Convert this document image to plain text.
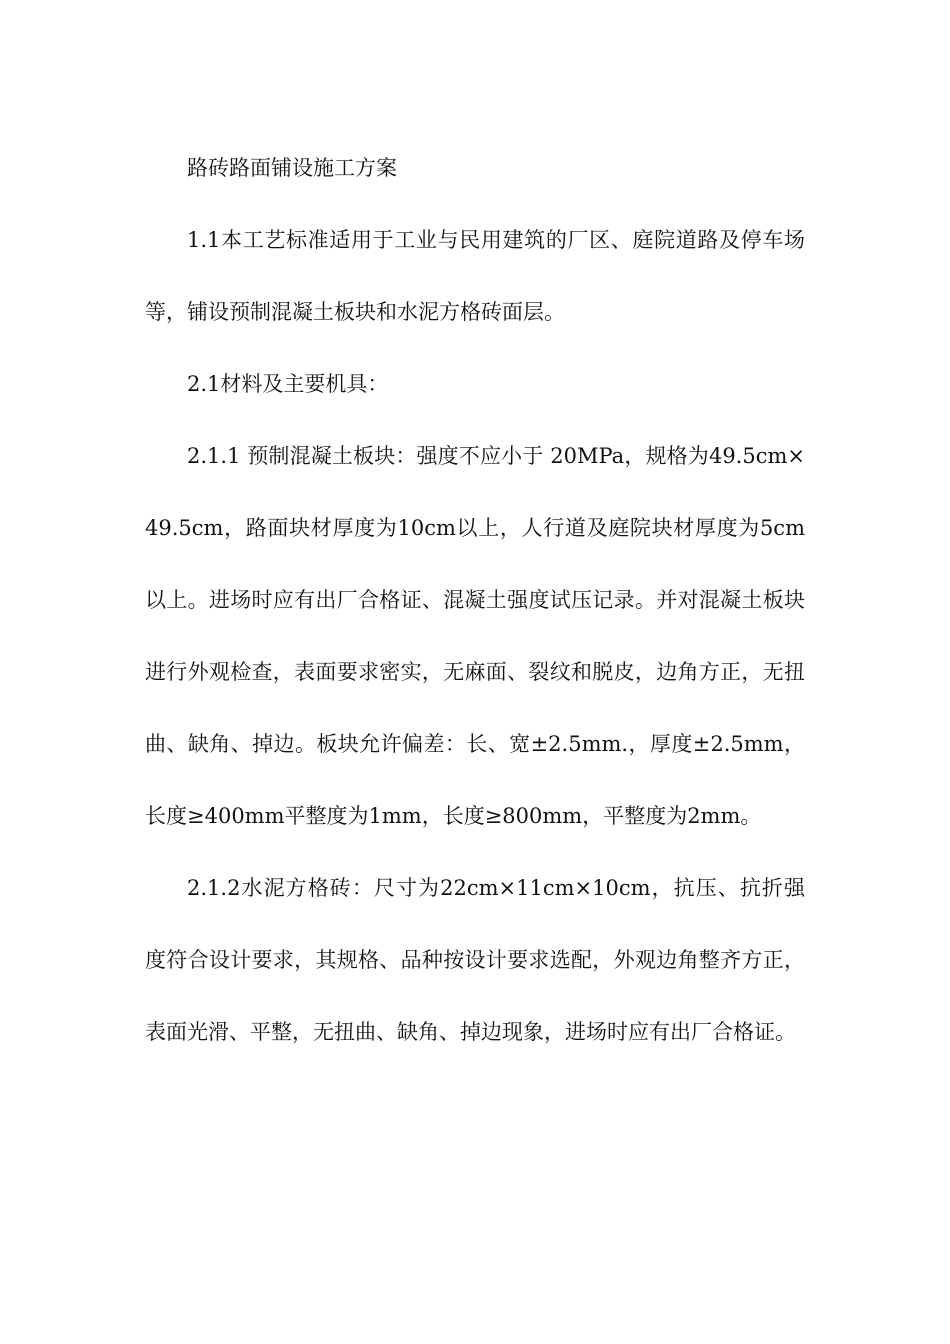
路砖路面铺设施工方案

1.1本工艺标准适用于工业与民用建筑的厂区、庭院道路及停车场等，铺设预制混凝土板块和水泥方格砖面层。

2.1材料及主要机具：

2.1.1 预制混凝土板块：强度不应小于 20MPa，规格为49.5cm×49.5cm，路面块材厚度为10cm以上，人行道及庭院块材厚度为5cm以上。进场时应有出厂合格证、混凝土强度试压记录。并对混凝土板块进行外观检查，表面要求密实，无麻面、裂纹和脱皮，边角方正，无扭曲、缺角、掉边。板块允许偏差：长、宽±2.5mm.，厚度±2.5mm，长度≥400mm平整度为1mm，长度≥800mm，平整度为2mm。

2.1.2水泥方格砖：尺寸为22cm×11cm×10cm，抗压、抗折强度符合设计要求，其规格、品种按设计要求选配，外观边角整齐方正，表面光滑、平整，无扭曲、缺角、掉边现象，进场时应有出厂合格证。
